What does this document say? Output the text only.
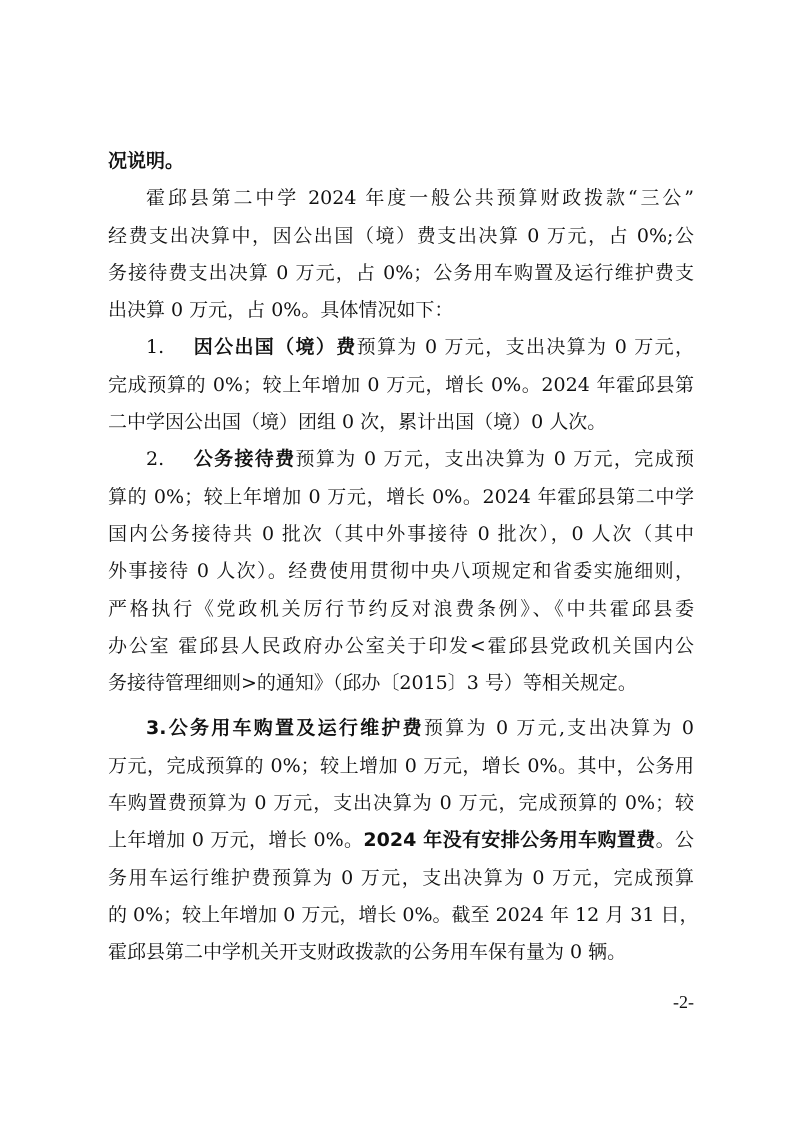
况说明。
霍邱县第二中学 2024 年度一般公共预算财政拨款“三公”
经费支出决算中，因公出国（境）费支出决算 0 万元，占 0%;公
务接待费支出决算 0 万元，占 0%；公务用车购置及运行维护费支
出决算 0 万元，占 0%。具体情况如下：
1. 因公出国（境）费预算为 0 万元，支出决算为 0 万元，
完成预算的 0%；较上年增加 0 万元，增长 0%。2024 年霍邱县第
二中学因公出国（境）团组 0 次，累计出国（境）0 人次。
2. 公务接待费预算为 0 万元，支出决算为 0 万元，完成预
算的 0%；较上年增加 0 万元，增长 0%。2024 年霍邱县第二中学
国内公务接待共 0 批次（其中外事接待 0 批次），0 人次（其中
外事接待 0 人次）。经费使用贯彻中央八项规定和省委实施细则，
严格执行《党政机关厉行节约反对浪费条例》、《中共霍邱县委
办公室 霍邱县人民政府办公室关于印发<霍邱县党政机关国内公
务接待管理细则>的通知》（邱办〔2015〕3 号）等相关规定。
3.公务用车购置及运行维护费预算为 0 万元,支出决算为 0
万元，完成预算的 0%；较上增加 0 万元，增长 0%。其中，公务用
车购置费预算为 0 万元，支出决算为 0 万元，完成预算的 0%；较
上年增加 0 万元，增长 0%。2024 年没有安排公务用车购置费。公
务用车运行维护费预算为 0 万元，支出决算为 0 万元，完成预算
的 0%；较上年增加 0 万元，增长 0%。截至 2024 年 12 月 31 日，
霍邱县第二中学机关开支财政拨款的公务用车保有量为 0 辆。
-2-
